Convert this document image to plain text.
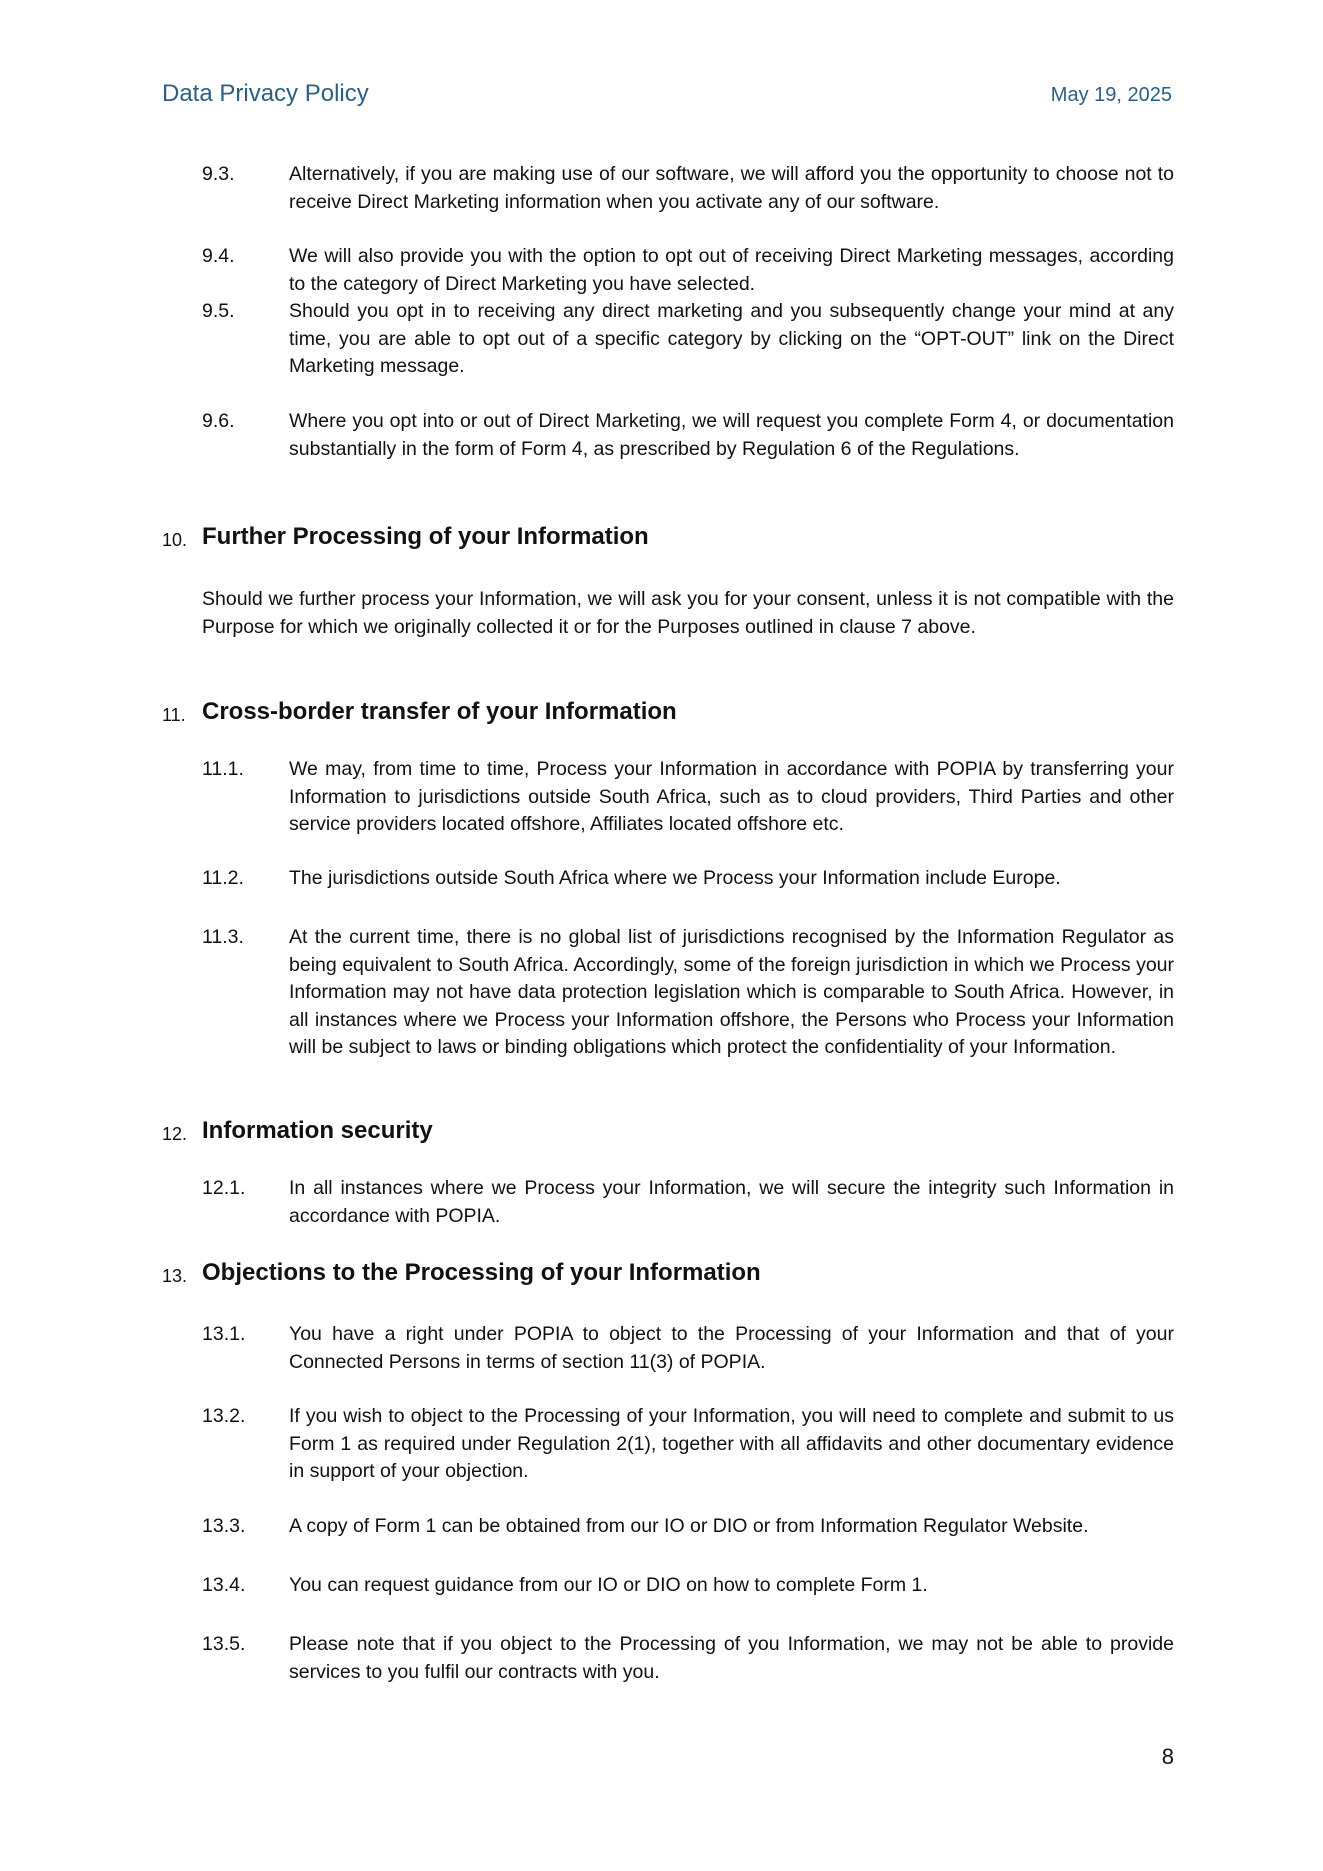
Data Privacy Policy	May 19, 2025
9.3.	Alternatively, if you are making use of our software, we will afford you the opportunity to choose not to receive Direct Marketing information when you activate any of our software.
9.4.	We will also provide you with the option to opt out of receiving Direct Marketing messages, according to the category of Direct Marketing you have selected.
9.5.	Should you opt in to receiving any direct marketing and you subsequently change your mind at any time, you are able to opt out of a specific category by clicking on the “OPT-OUT” link on the Direct Marketing message.
9.6.	Where you opt into or out of Direct Marketing, we will request you complete Form 4, or documentation substantially in the form of Form 4, as prescribed by Regulation 6 of the Regulations.
10. Further Processing of your Information
Should we further process your Information, we will ask you for your consent, unless it is not compatible with the Purpose for which we originally collected it or for the Purposes outlined in clause 7 above.
11. Cross-border transfer of your Information
11.1. We may, from time to time, Process your Information in accordance with POPIA by transferring your Information to jurisdictions outside South Africa, such as to cloud providers, Third Parties and other service providers located offshore, Affiliates located offshore etc.
11.2. The jurisdictions outside South Africa where we Process your Information include Europe.
11.3. At the current time, there is no global list of jurisdictions recognised by the Information Regulator as being equivalent to South Africa. Accordingly, some of the foreign jurisdiction in which we Process your Information may not have data protection legislation which is comparable to South Africa. However, in all instances where we Process your Information offshore, the Persons who Process your Information will be subject to laws or binding obligations which protect the confidentiality of your Information.
12. Information security
12.1. In all instances where we Process your Information, we will secure the integrity such Information in accordance with POPIA.
13. Objections to the Processing of your Information
13.1. You have a right under POPIA to object to the Processing of your Information and that of your Connected Persons in terms of section 11(3) of POPIA.
13.2. If you wish to object to the Processing of your Information, you will need to complete and submit to us Form 1 as required under Regulation 2(1), together with all affidavits and other documentary evidence in support of your objection.
13.3. A copy of Form 1 can be obtained from our IO or DIO or from Information Regulator Website.
13.4. You can request guidance from our IO or DIO on how to complete Form 1.
13.5. Please note that if you object to the Processing of you Information, we may not be able to provide services to you fulfil our contracts with you.
8
